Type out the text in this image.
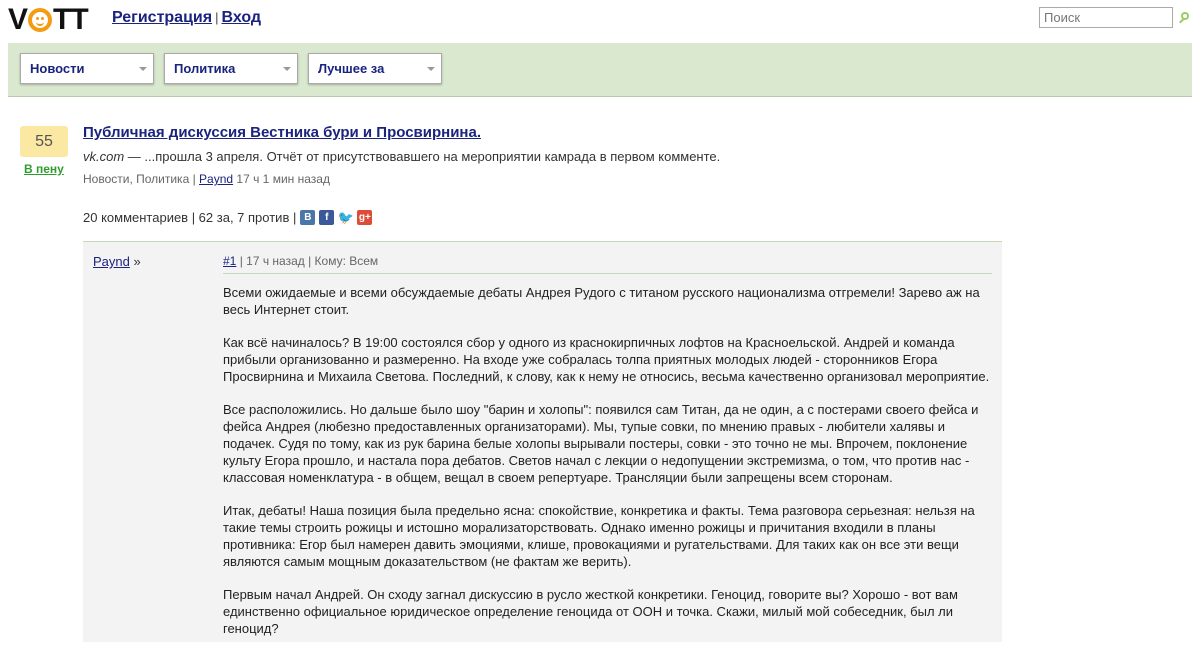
V TT Регистрация | Вход
Поиск
Новости	Политика	Лучшее за
55
В пену
Публичная дискуссия Вестника бури и Просвирнина.
vk.com — ...прошла 3 апреля. Отчёт от присутствовавшего на мероприятии камрада в первом комменте.
Новости, Политика | Paynd 17 ч 1 мин назад
20 комментариев | 62 за, 7 против | В	f 🐦 g+
Paynd »	#1 | 17 ч назад | Кому: Всем

Всеми ожидаемые и всеми обсуждаемые дебаты Андрея Рудого с титаном русского национализма отгремели! Зарево аж на весь Интернет стоит.

Как всё начиналось? В 19:00 состоялся сбор у одного из краснокирпичных лофтов на Красноельской. Андрей и команда прибыли организованно и размеренно. На входе уже собралась толпа приятных молодых людей - сторонников Егора Просвирнина и Михаила Светова. Последний, к слову, как к нему не относись, весьма качественно организовал мероприятие.

Все расположились. Но дальше было шоу "барин и холопы": появился сам Титан, да не один, а с постерами своего фейса и фейса Андрея (любезно предоставленных организаторами). Мы, тупые совки, по мнению правых - любители халявы и подачек. Судя по тому, как из рук барина белые холопы вырывали постеры, совки - это точно не мы. Впрочем, поклонение культу Егора прошло, и настала пора дебатов. Светов начал с лекции о недопущении экстремизма, о том, что против нас - классовая номенклатура - в общем, вещал в своем репертуаре. Трансляции были запрещены всем сторонам.

Итак, дебаты! Наша позиция была предельно ясна: спокойствие, конкретика и факты. Тема разговора серьезная: нельзя на такие темы строить рожицы и истошно морализаторствовать. Однако именно рожицы и причитания входили в планы противника: Егор был намерен давить эмоциями, клише, провокациями и ругательствами. Для таких как он все эти вещи являются самым мощным доказательством (не фактам же верить).

Первым начал Андрей. Он сходу загнал дискуссию в русло жесткой конкретики. Геноцид, говорите вы? Хорошо - вот вам единственно официальное юридическое определение геноцида от ООН и точка. Скажи, милый мой собеседник, был ли геноцид?
